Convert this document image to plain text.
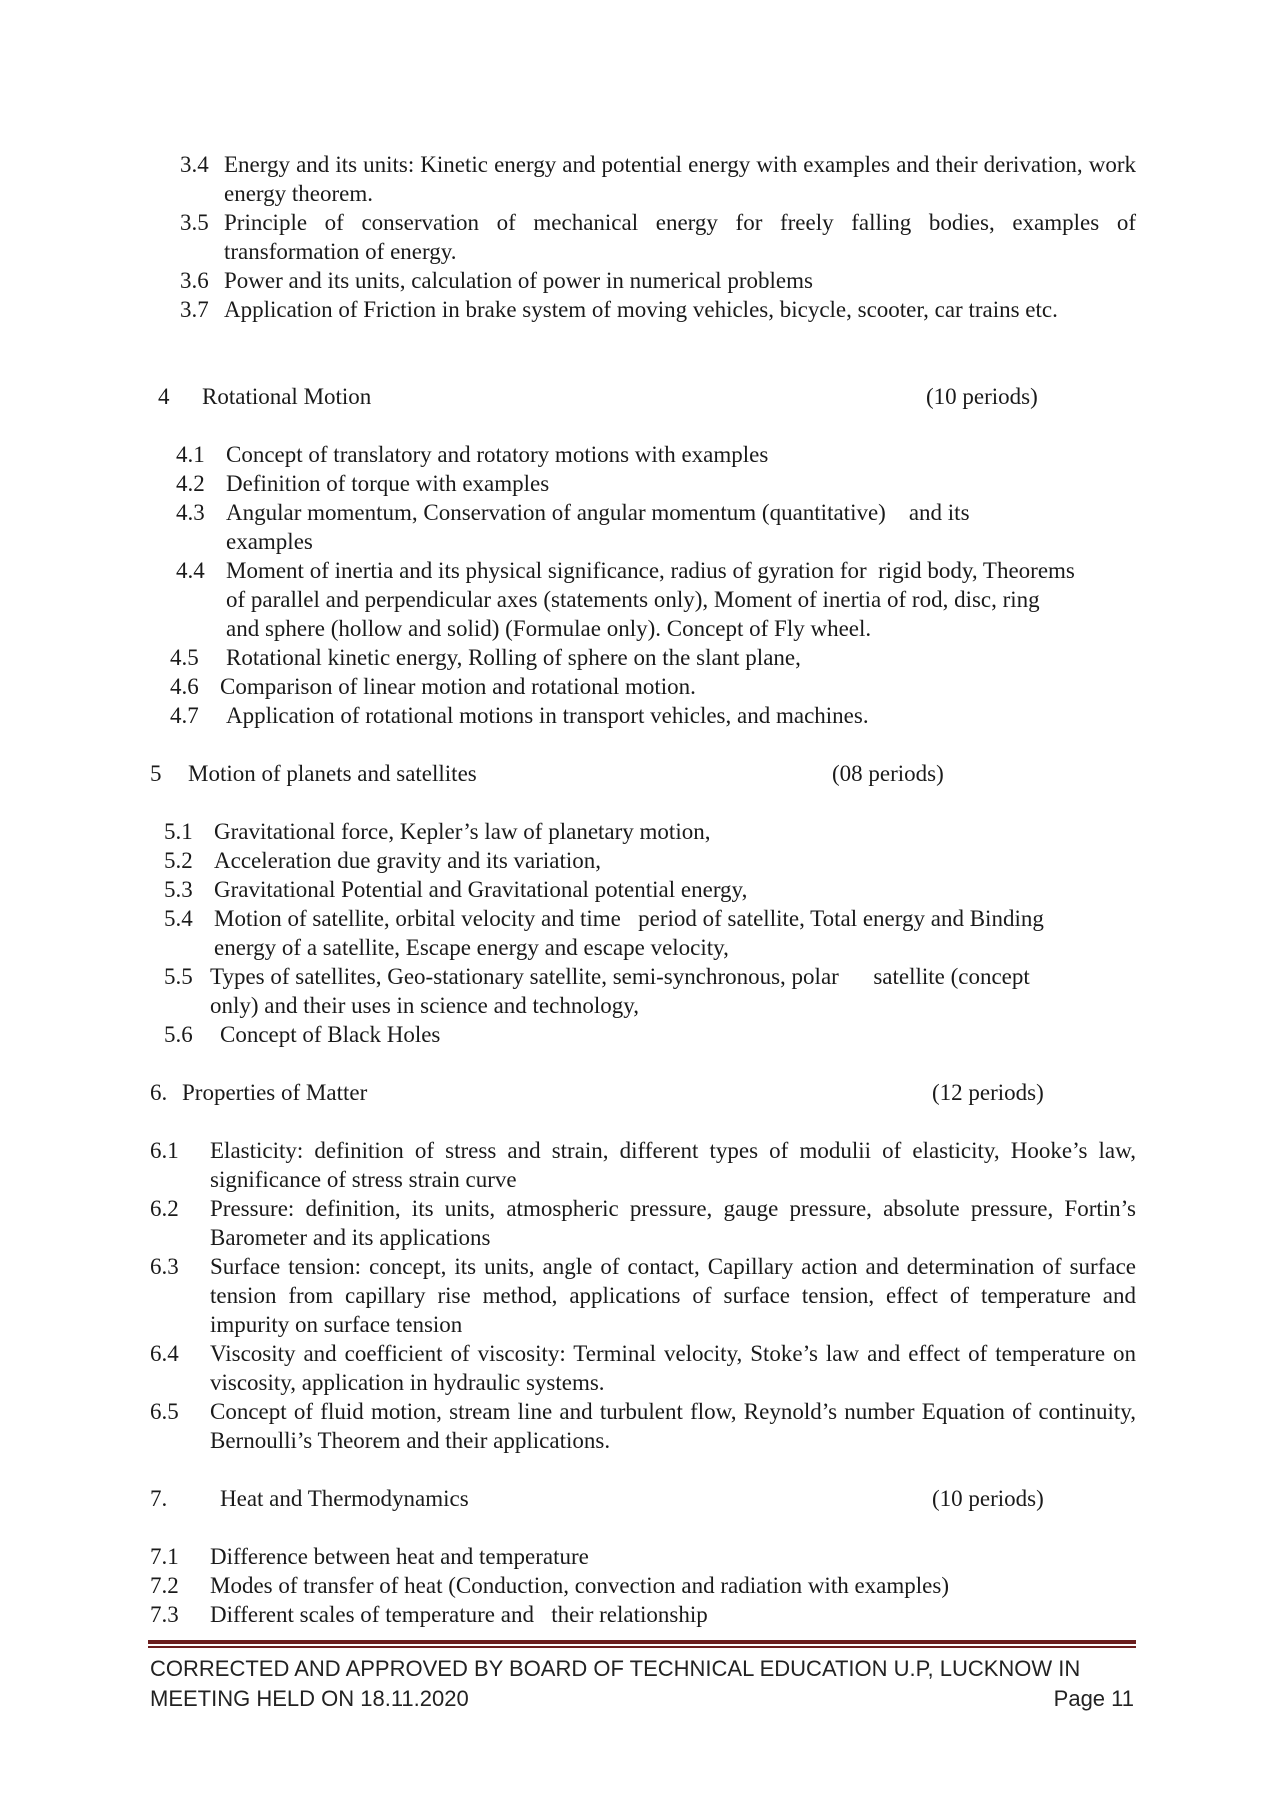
3.4 Energy and its units: Kinetic energy and potential energy with examples and their derivation, work energy theorem.
3.5 Principle of conservation of mechanical energy for freely falling bodies, examples of transformation of energy.
3.6 Power and its units, calculation of power in numerical problems
3.7 Application of Friction in brake system of moving vehicles, bicycle, scooter, car trains etc.
4 Rotational Motion	(10 periods)
4.1 Concept of translatory and rotatory motions with examples
4.2 Definition of torque with examples
4.3 Angular momentum, Conservation of angular momentum (quantitative)    and its examples
4.4 Moment of inertia and its physical significance, radius of gyration for  rigid body, Theorems of parallel and perpendicular axes (statements only), Moment of inertia of rod, disc, ring and sphere (hollow and solid) (Formulae only). Concept of Fly wheel.
4.5 Rotational kinetic energy, Rolling of sphere on the slant plane,
4.6 Comparison of linear motion and rotational motion.
4.7 Application of rotational motions in transport vehicles, and machines.
5 Motion of planets and satellites	(08 periods)
5.1 Gravitational force, Kepler’s law of planetary motion,
5.2 Acceleration due gravity and its variation,
5.3 Gravitational Potential and Gravitational potential energy,
5.4 Motion of satellite, orbital velocity and time   period of satellite, Total energy and Binding energy of a satellite, Escape energy and escape velocity,
5.5 Types of satellites, Geo-stationary satellite, semi-synchronous, polar      satellite (concept only) and their uses in science and technology,
5.6 Concept of Black Holes
6. Properties of Matter	(12 periods)
6.1 Elasticity: definition of stress and strain, different types of modulii of elasticity, Hooke’s law, significance of stress strain curve
6.2 Pressure: definition, its units, atmospheric pressure, gauge pressure, absolute pressure, Fortin’s Barometer and its applications
6.3 Surface tension: concept, its units, angle of contact, Capillary action and determination of surface tension from capillary rise method, applications of surface tension, effect of temperature and impurity on surface tension
6.4 Viscosity and coefficient of viscosity: Terminal velocity, Stoke’s law and effect of temperature on viscosity, application in hydraulic systems.
6.5 Concept of fluid motion, stream line and turbulent flow, Reynold’s number Equation of continuity, Bernoulli’s Theorem and their applications.
7. Heat and Thermodynamics	(10 periods)
7.1 Difference between heat and temperature
7.2 Modes of transfer of heat (Conduction, convection and radiation with examples)
7.3 Different scales of temperature and   their relationship
CORRECTED AND APPROVED BY BOARD OF TECHNICAL EDUCATION U.P, LUCKNOW IN
MEETING HELD ON 18.11.2020	Page 11
